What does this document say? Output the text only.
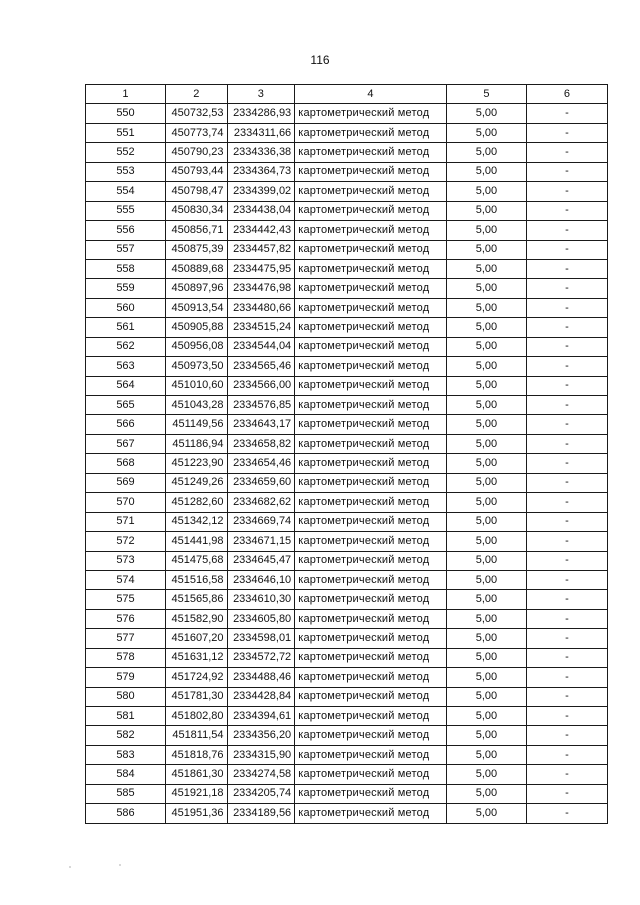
116
1	2	3	4	5	6
550	450732,53	2334286,93	картометрический метод	5,00	-
551	450773,74	2334311,66	картометрический метод	5,00	-
552	450790,23	2334336,38	картометрический метод	5,00	-
553	450793,44	2334364,73	картометрический метод	5,00	-
554	450798,47	2334399,02	картометрический метод	5,00	-
555	450830,34	2334438,04	картометрический метод	5,00	-
556	450856,71	2334442,43	картометрический метод	5,00	-
557	450875,39	2334457,82	картометрический метод	5,00	-
558	450889,68	2334475,95	картометрический метод	5,00	-
559	450897,96	2334476,98	картометрический метод	5,00	-
560	450913,54	2334480,66	картометрический метод	5,00	-
561	450905,88	2334515,24	картометрический метод	5,00	-
562	450956,08	2334544,04	картометрический метод	5,00	-
563	450973,50	2334565,46	картометрический метод	5,00	-
564	451010,60	2334566,00	картометрический метод	5,00	-
565	451043,28	2334576,85	картометрический метод	5,00	-
566	451149,56	2334643,17	картометрический метод	5,00	-
567	451186,94	2334658,82	картометрический метод	5,00	-
568	451223,90	2334654,46	картометрический метод	5,00	-
569	451249,26	2334659,60	картометрический метод	5,00	-
570	451282,60	2334682,62	картометрический метод	5,00	-
571	451342,12	2334669,74	картометрический метод	5,00	-
572	451441,98	2334671,15	картометрический метод	5,00	-
573	451475,68	2334645,47	картометрический метод	5,00	-
574	451516,58	2334646,10	картометрический метод	5,00	-
575	451565,86	2334610,30	картометрический метод	5,00	-
576	451582,90	2334605,80	картометрический метод	5,00	-
577	451607,20	2334598,01	картометрический метод	5,00	-
578	451631,12	2334572,72	картометрический метод	5,00	-
579	451724,92	2334488,46	картометрический метод	5,00	-
580	451781,30	2334428,84	картометрический метод	5,00	-
581	451802,80	2334394,61	картометрический метод	5,00	-
582	451811,54	2334356,20	картометрический метод	5,00	-
583	451818,76	2334315,90	картометрический метод	5,00	-
584	451861,30	2334274,58	картометрический метод	5,00	-
585	451921,18	2334205,74	картометрический метод	5,00	-
586	451951,36	2334189,56	картометрический метод	5,00	-
